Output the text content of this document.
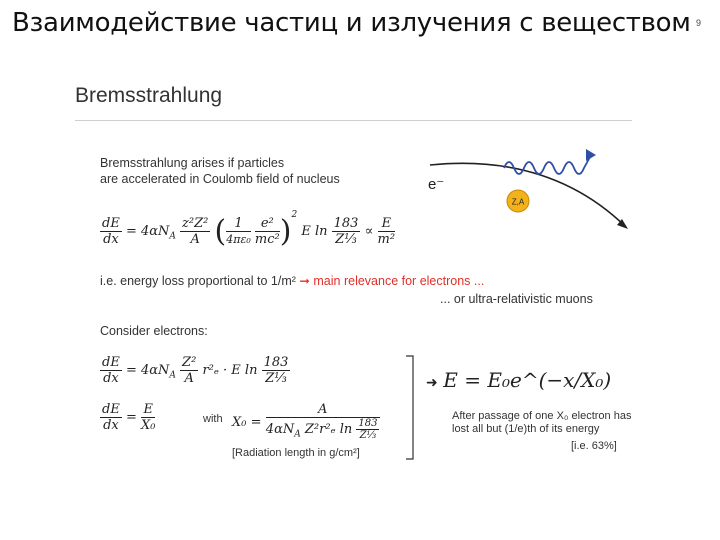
Взаимодействие частиц и излучения с веществом 9
Bremsstrahlung
Bremsstrahlung arises if particles
are accelerated in Coulomb field of nucleus
Z,A
e⁻
$\frac{dE}{dx} = 4\alpha N_A \frac{\text{z²Z²}}{A}$ ( $\frac{1}{\text{4πε₀}}$
$\frac{\text{e²}}{\text{mc²}} )^2$ E $\ln \frac{183}{\text{Z⅓}} \propto \frac{E}{\text{m²}}$
i.e. energy loss proportional to 1/m² ➞ main relevance for electrons ...
... or ultra-relativistic muons
Consider electrons:
$\frac{dE}{dx} = 4\alpha N_A \frac{\text{Z²}}{A} r^2_e \cdot E$ $\ln \frac{183}{\text{Z⅓}}$
$\frac{dE}{dx} = \frac{E}{\text{X₀}}$	with $X_0 = \frac{A}{4\alpha N_A Z^2r^2_e \ln \frac{183}{\text{Z⅓}}}$
[Radiation length in g/cm²]
➜ E = E₀e^(−x/X₀)
After passage of one X₀ electron has
lost all but (1/e)th of its energy
[i.e. 63%]
